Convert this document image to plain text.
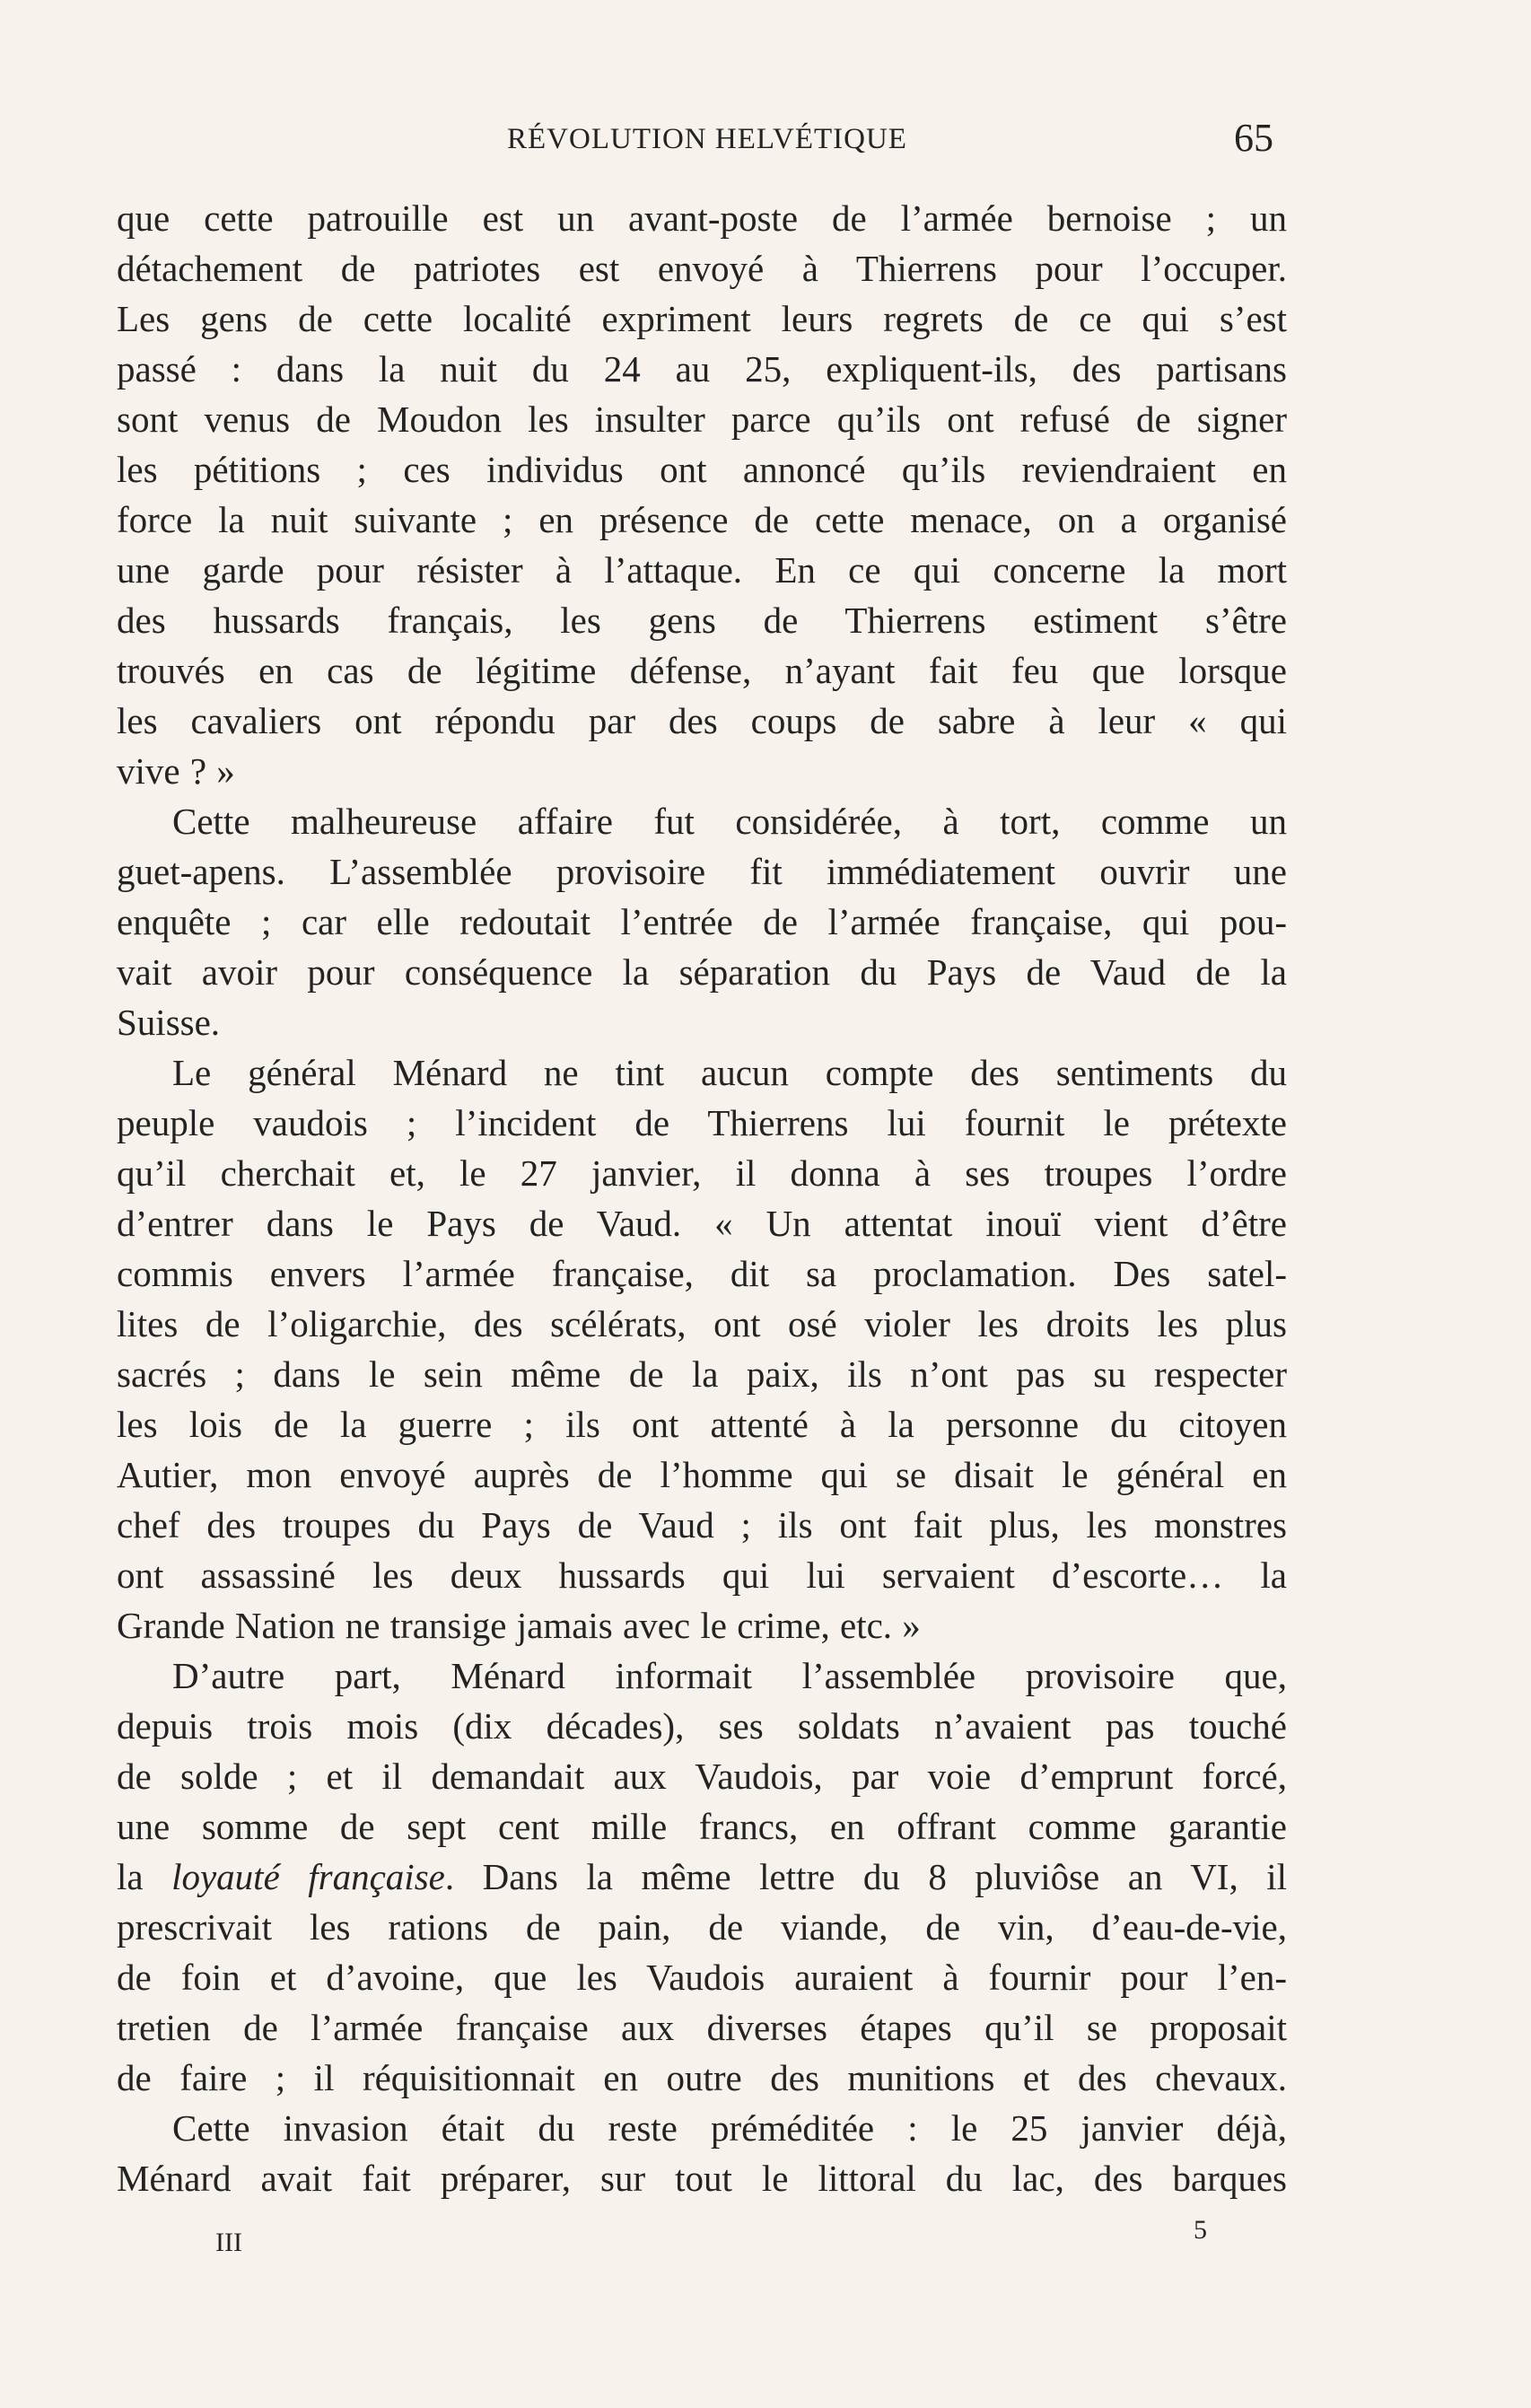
RÉVOLUTION HELVÉTIQUE	65
que cette patrouille est un avant-poste de l’armée bernoise ; un
détachement de patriotes est envoyé à Thierrens pour l’occuper.
Les gens de cette localité expriment leurs regrets de ce qui s’est
passé : dans la nuit du 24 au 25, expliquent-ils, des partisans
sont venus de Moudon les insulter parce qu’ils ont refusé de signer
les pétitions ; ces individus ont annoncé qu’ils reviendraient en
force la nuit suivante ; en présence de cette menace, on a organisé
une garde pour résister à l’attaque. En ce qui concerne la mort
des hussards français, les gens de Thierrens estiment s’être
trouvés en cas de légitime défense, n’ayant fait feu que lorsque
les cavaliers ont répondu par des coups de sabre à leur « qui
vive ? »
Cette malheureuse affaire fut considérée, à tort, comme un
guet-apens. L’assemblée provisoire fit immédiatement ouvrir une
enquête ; car elle redoutait l’entrée de l’armée française, qui pou-
vait avoir pour conséquence la séparation du Pays de Vaud de la
Suisse.
Le général Ménard ne tint aucun compte des sentiments du
peuple vaudois ; l’incident de Thierrens lui fournit le prétexte
qu’il cherchait et, le 27 janvier, il donna à ses troupes l’ordre
d’entrer dans le Pays de Vaud. « Un attentat inouï vient d’être
commis envers l’armée française, dit sa proclamation. Des satel-
lites de l’oligarchie, des scélérats, ont osé violer les droits les plus
sacrés ; dans le sein même de la paix, ils n’ont pas su respecter
les lois de la guerre ; ils ont attenté à la personne du citoyen
Autier, mon envoyé auprès de l’homme qui se disait le général en
chef des troupes du Pays de Vaud ; ils ont fait plus, les monstres
ont assassiné les deux hussards qui lui servaient d’escorte… la
Grande Nation ne transige jamais avec le crime, etc. »
D’autre part, Ménard informait l’assemblée provisoire que,
depuis trois mois (dix décades), ses soldats n’avaient pas touché
de solde ; et il demandait aux Vaudois, par voie d’emprunt forcé,
une somme de sept cent mille francs, en offrant comme garantie
la loyauté française. Dans la même lettre du 8 pluviôse an VI, il
prescrivait les rations de pain, de viande, de vin, d’eau-de-vie,
de foin et d’avoine, que les Vaudois auraient à fournir pour l’en-
tretien de l’armée française aux diverses étapes qu’il se proposait
de faire ; il réquisitionnait en outre des munitions et des chevaux.
Cette invasion était du reste préméditée : le 25 janvier déjà,
Ménard avait fait préparer, sur tout le littoral du lac, des barques
III	5
